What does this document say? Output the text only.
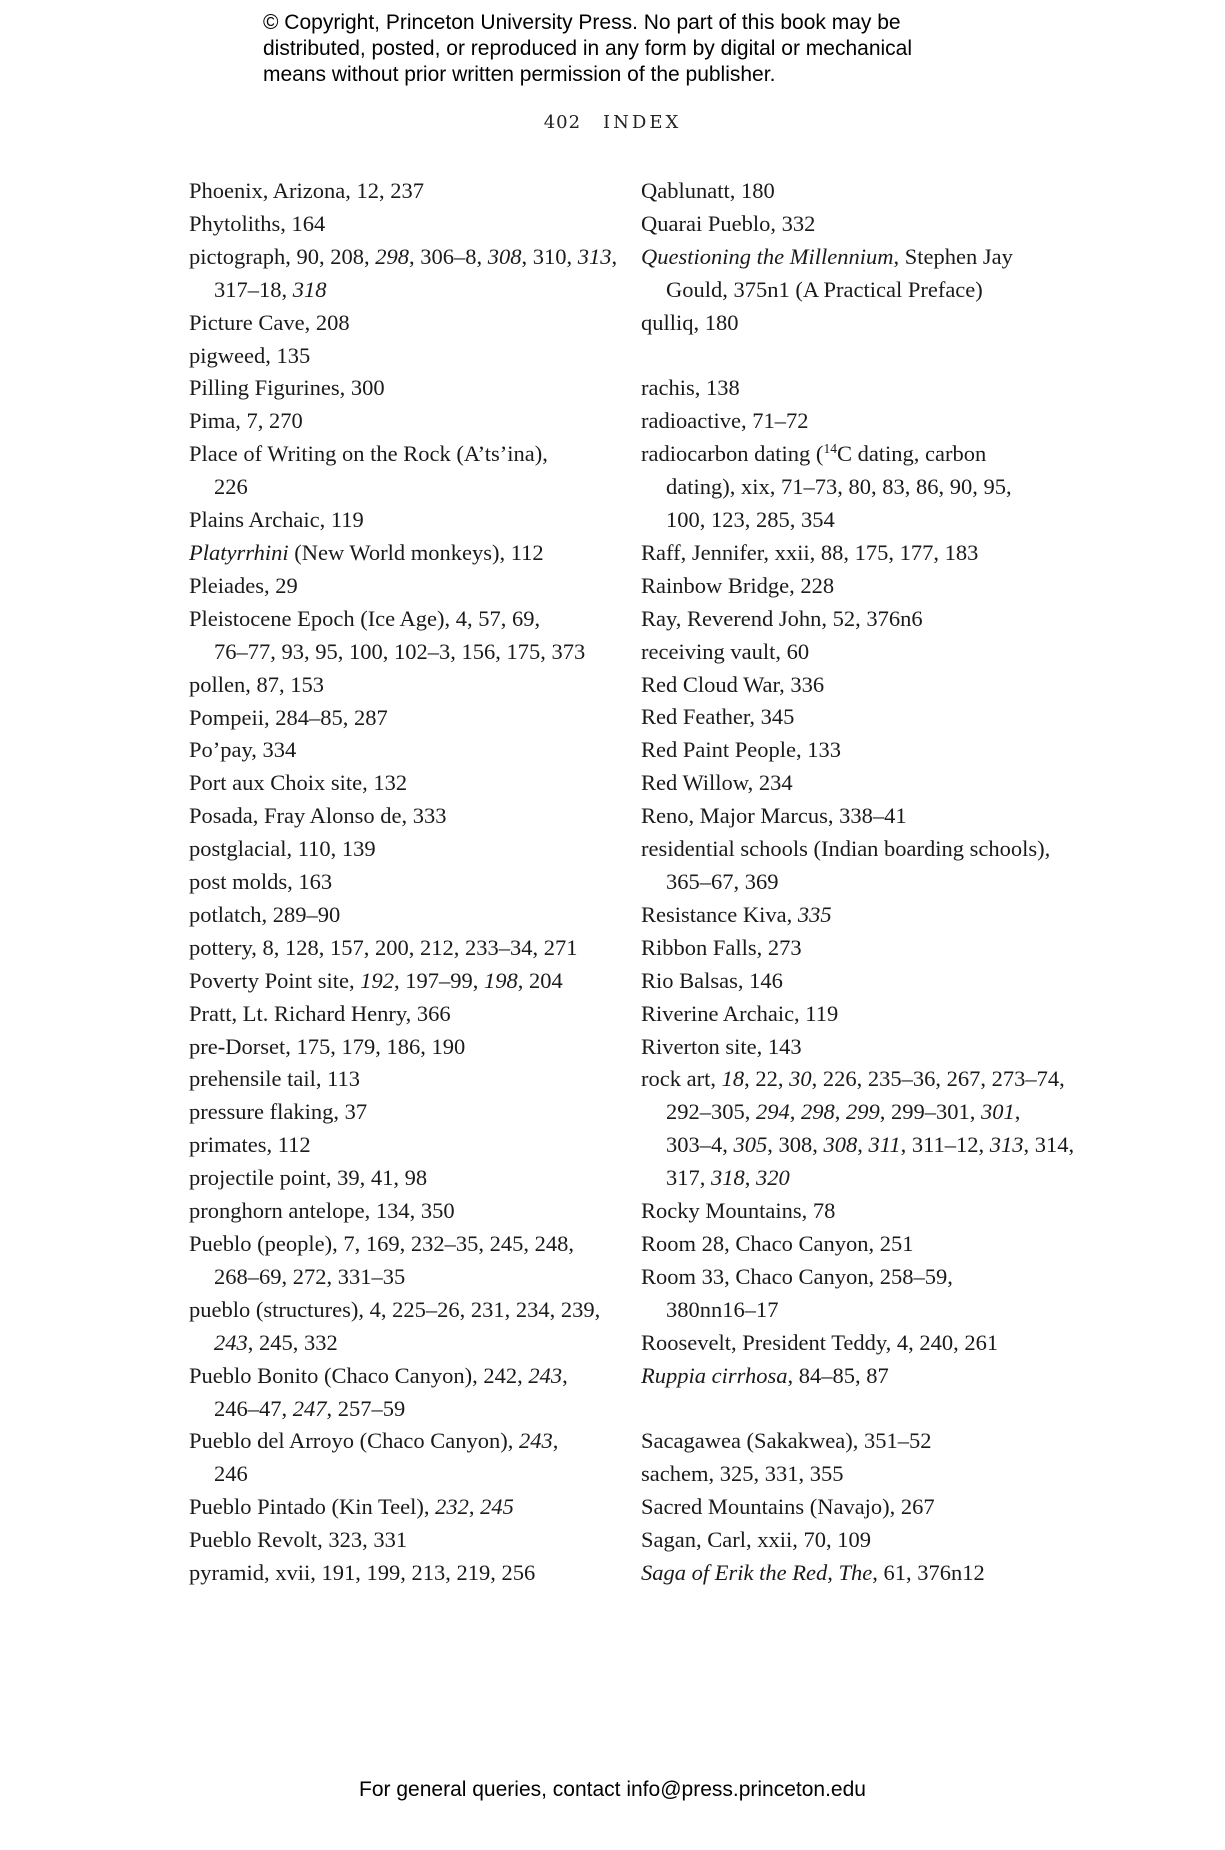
© Copyright, Princeton University Press. No part of this book may be
distributed, posted, or reproduced in any form by digital or mechanical
means without prior written permission of the publisher.
402 INDEX
Phoenix, Arizona, 12, 237
Phytoliths, 164
pictograph, 90, 208, 298, 306–8, 308, 310, 313,
317–18, 318
Picture Cave, 208
pigweed, 135
Pilling Figurines, 300
Pima, 7, 270
Place of Writing on the Rock (A’ts’ina),
226
Plains Archaic, 119
Platyrrhini (New World monkeys), 112
Pleiades, 29
Pleistocene Epoch (Ice Age), 4, 57, 69,
76–77, 93, 95, 100, 102–3, 156, 175, 373
pollen, 87, 153
Pompeii, 284–85, 287
Po’pay, 334
Port aux Choix site, 132
Posada, Fray Alonso de, 333
postglacial, 110, 139
post molds, 163
potlatch, 289–90
pottery, 8, 128, 157, 200, 212, 233–34, 271
Poverty Point site, 192, 197–99, 198, 204
Pratt, Lt. Richard Henry, 366
pre-Dorset, 175, 179, 186, 190
prehensile tail, 113
pressure flaking, 37
primates, 112
projectile point, 39, 41, 98
pronghorn antelope, 134, 350
Pueblo (people), 7, 169, 232–35, 245, 248,
268–69, 272, 331–35
pueblo (structures), 4, 225–26, 231, 234, 239,
243, 245, 332
Pueblo Bonito (Chaco Canyon), 242, 243,
246–47, 247, 257–59
Pueblo del Arroyo (Chaco Canyon), 243,
246
Pueblo Pintado (Kin Teel), 232, 245
Pueblo Revolt, 323, 331
pyramid, xvii, 191, 199, 213, 219, 256
Qablunatt, 180
Quarai Pueblo, 332
Questioning the Millennium, Stephen Jay
Gould, 375n1 (A Practical Preface)
qulliq, 180
rachis, 138
radioactive, 71–72
radiocarbon dating ($^{14}$C dating, carbon
dating), xix, 71–73, 80, 83, 86, 90, 95,
100, 123, 285, 354
Raff, Jennifer, xxii, 88, 175, 177, 183
Rainbow Bridge, 228
Ray, Reverend John, 52, 376n6
receiving vault, 60
Red Cloud War, 336
Red Feather, 345
Red Paint People, 133
Red Willow, 234
Reno, Major Marcus, 338–41
residential schools (Indian boarding schools),
365–67, 369
Resistance Kiva, 335
Ribbon Falls, 273
Rio Balsas, 146
Riverine Archaic, 119
Riverton site, 143
rock art, 18, 22, 30, 226, 235–36, 267, 273–74,
292–305, 294, 298, 299, 299–301, 301,
303–4, 305, 308, 308, 311, 311–12, 313, 314,
317, 318, 320
Rocky Mountains, 78
Room 28, Chaco Canyon, 251
Room 33, Chaco Canyon, 258–59,
380nn16–17
Roosevelt, President Teddy, 4, 240, 261
Ruppia cirrhosa, 84–85, 87
Sacagawea (Sakakwea), 351–52
sachem, 325, 331, 355
Sacred Mountains (Navajo), 267
Sagan, Carl, xxii, 70, 109
Saga of Erik the Red, The, 61, 376n12
For general queries, contact info@press.princeton.edu
